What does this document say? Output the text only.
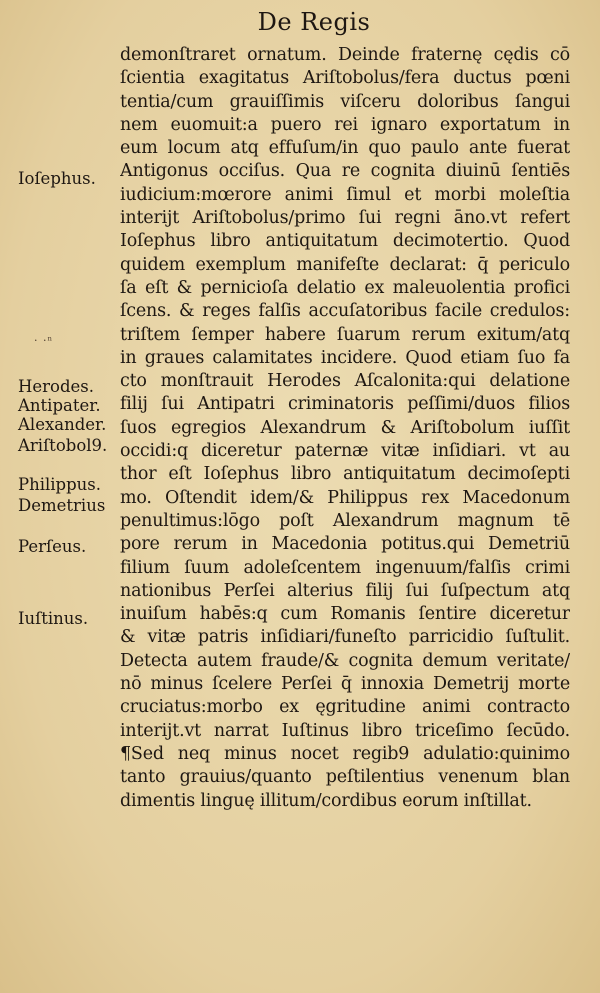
De Regis
demonſtraret ornatum. Deinde fraternę cędis cō
ſcientia exagitatus Ariſtobolus/fera ductus pœni
tentia/cum grauiſſimis viſceru doloribus ſangui
nem euomuit:a puero rei ignaro exportatum in
eum locum atq effuſum/in quo paulo ante fuerat
Antigonus occiſus. Qua re cognita diuinū ſentiēs
iudicium:mœrore animi ſimul et morbi moleſtia
interijt Ariſtobolus/primo ſui regni āno.vt refert
Ioſephus libro antiquitatum decimotertio. Quod
quidem exemplum manifeſte declarat: q̄ periculo
ſa eſt & pernicioſa delatio ex maleuolentia profici
ſcens. & reges falſis accuſatoribus facile credulos:
triſtem ſemper habere ſuarum rerum exitum/atq
in graues calamitates incidere. Quod etiam ſuo fa
cto monſtrauit Herodes Aſcalonita:qui delatione
filij ſui Antipatri criminatoris peſſimi/duos filios
ſuos egregios Alexandrum & Ariſtobolum iuſſit
occidi:q diceretur paternæ vitæ inſidiari. vt au
thor eſt Ioſephus libro antiquitatum decimoſepti
mo. Oſtendit idem/& Philippus rex Macedonum
penultimus:lōgo poſt Alexandrum magnum tē
pore rerum in Macedonia potitus.qui Demetriū
filium ſuum adoleſcentem ingenuum/falſis crimi
nationibus Perſei alterius filij ſui ſuſpectum atq
inuiſum habēs:q cum Romanis ſentire diceretur
& vitæ patris inſidiari/funeſto parricidio ſuſtulit.
Detecta autem fraude/& cognita demum veritate/
nō minus ſcelere Perſei q̄ innoxia Demetrij morte
cruciatus:morbo ex ęgritudine animi contracto
interijt.vt narrat Iuſtinus libro triceſimo ſecūdo.
¶Sed neq minus nocet regib9 adulatio:quinimo
tanto grauius/quanto peſtilentius venenum blan
dimentis linguę illitum/cordibus eorum inſtillat.
Ioſephus.
· ·ⁿ
Herodes.
Antipater.
Alexander.
Ariſtobol9.
Philippus.
Demetrius
Perſeus.
Iuſtinus.
